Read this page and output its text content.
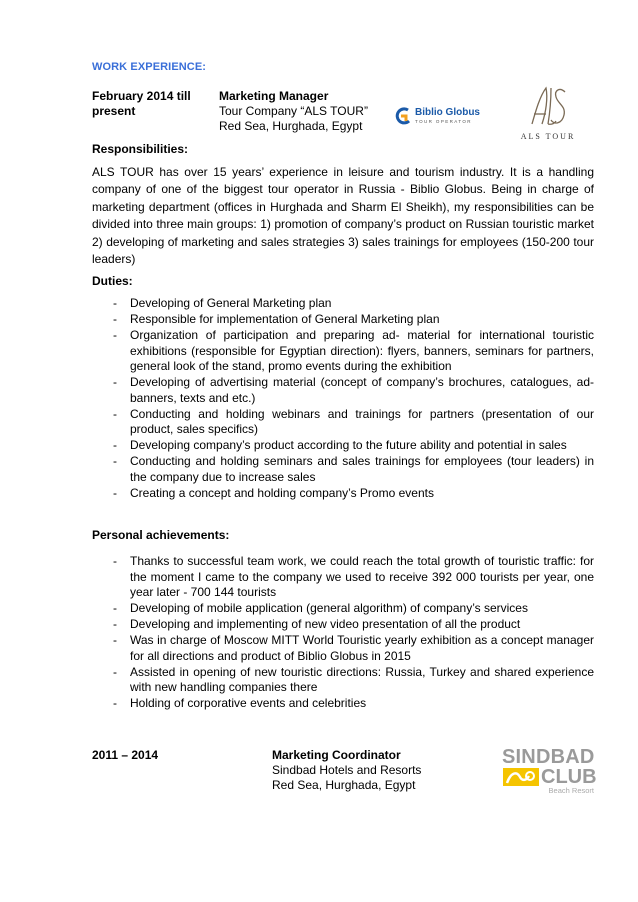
WORK EXPERIENCE:
February 2014 till
present
Marketing Manager
Tour Company “ALS TOUR”
Red Sea, Hurghada, Egypt
Biblio Globus
TOUR OPERATOR
ALS TOUR
Responsibilities:
ALS TOUR has over 15 years’ experience in leisure and tourism industry. It is a handling company of one of the biggest tour operator in Russia - Biblio Globus. Being in charge of marketing department (offices in Hurghada and Sharm El Sheikh), my responsibilities can be divided into three main groups: 1) promotion of company’s product on Russian touristic market 2) developing of marketing and sales strategies 3) sales trainings for employees (150-200 tour leaders)
Duties:
- Developing of General Marketing plan
- Responsible for implementation of General Marketing plan
- Organization of participation and preparing ad- material for international touristic exhibitions (responsible for Egyptian direction): flyers, banners, seminars for partners, general look of the stand, promo events during the exhibition
- Developing of advertising material (concept of company’s brochures, catalogues, ad-banners, texts and etc.)
- Conducting and holding webinars and trainings for partners (presentation of our product, sales specifics)
- Developing company’s product according to the future ability and potential in sales
- Conducting and holding seminars and sales trainings for employees (tour leaders) in the company due to increase sales
- Creating a concept and holding company’s Promo events
Personal achievements:
- Thanks to successful team work, we could reach the total growth of touristic traffic: for the moment I came to the company we used to receive 392 000 tourists per year, one year later - 700 144 tourists
- Developing of mobile application (general algorithm) of company’s services
- Developing and implementing of new video presentation of all the product
- Was in charge of Moscow MITT World Touristic yearly exhibition as a concept manager for all directions and product of Biblio Globus in 2015
- Assisted in opening of new touristic directions: Russia, Turkey and shared experience with new handling companies there
- Holding of corporative events and celebrities
2011 – 2014	Marketing Coordinator
Sindbad Hotels and Resorts
Red Sea, Hurghada, Egypt
SINDBAD
CLUB
Beach Resort
